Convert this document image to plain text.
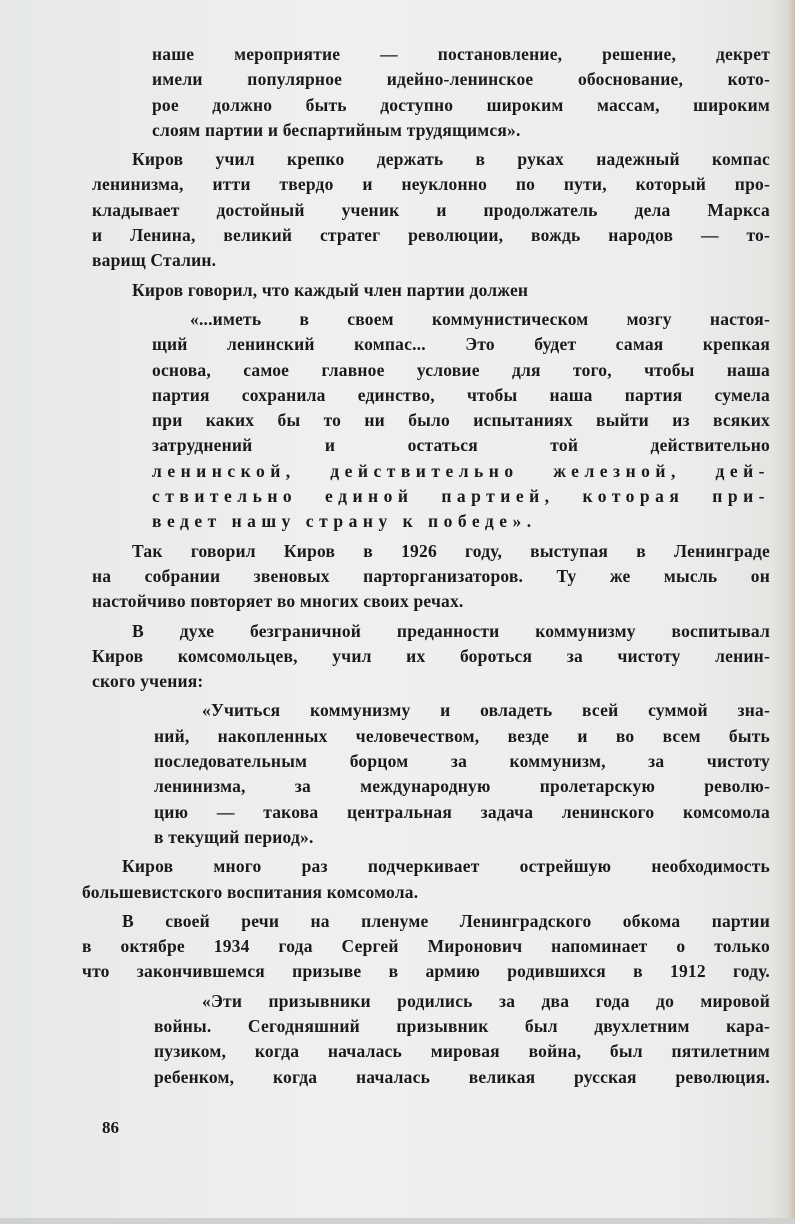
наше мероприятие — постановление, решение, декрет
имели популярное идейно-ленинское обоснование, кото-
рое должно быть доступно широким массам, широким
слоям партии и беспартийным трудящимся».
Киров учил крепко держать в руках надежный компас
ленинизма, итти твердо и неуклонно по пути, который про-
кладывает достойный ученик и продолжатель дела Маркса
и Ленина, великий стратег революции, вождь народов — то-
варищ Сталин.
Киров говорил, что каждый член партии должен
«...иметь в своем коммунистическом мозгу настоя-
щий ленинский компас... Это будет самая крепкая
основа, самое главное условие для того, чтобы наша
партия сохранила единство, чтобы наша партия сумела
при каких бы то ни было испытаниях выйти из всяких
затруднений и остаться той действительно
ленинской, действительно железной, дей-
ствительно единой партией, которая при-
ведет нашу страну к победе».
Так говорил Киров в 1926 году, выступая в Ленинграде
на собрании звеновых парторганизаторов. Ту же мысль он
настойчиво повторяет во многих своих речах.
В духе безграничной преданности коммунизму воспитывал
Киров комсомольцев, учил их бороться за чистоту ленин-
ского учения:
«Учиться коммунизму и овладеть всей суммой зна-
ний, накопленных человечеством, везде и во всем быть
последовательным борцом за коммунизм, за чистоту
ленинизма, за международную пролетарскую револю-
цию — такова центральная задача ленинского комсомола
в текущий период».
Киров много раз подчеркивает острейшую необходимость
большевистского воспитания комсомола.
В своей речи на пленуме Ленинградского обкома партии
в октябре 1934 года Сергей Миронович напоминает о только
что закончившемся призыве в армию родившихся в 1912 году.
«Эти призывники родились за два года до мировой
войны. Сегодняшний призывник был двухлетним кара-
пузиком, когда началась мировая война, был пятилетним
ребенком, когда началась великая русская революция.
86
